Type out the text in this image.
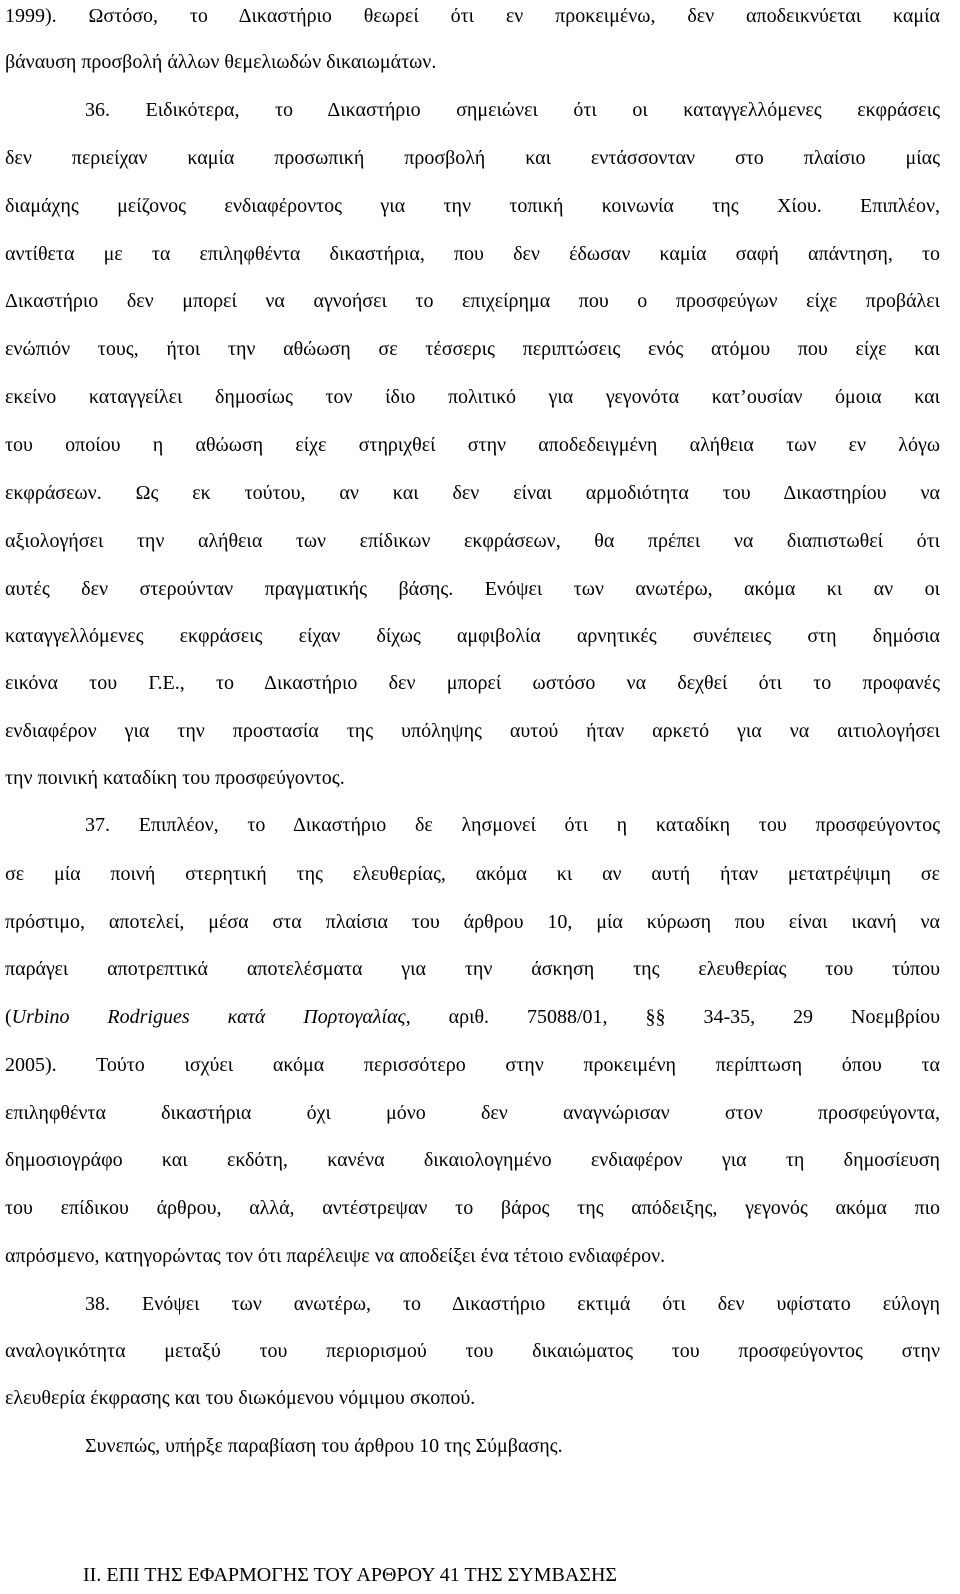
1999). Ωστόσο, το Δικαστήριο θεωρεί ότι εν προκειμένω, δεν αποδεικνύεται καμία
βάναυση προσβολή άλλων θεμελιωδών δικαιωμάτων.
36. Ειδικότερα, το Δικαστήριο σημειώνει ότι οι καταγγελλόμενες εκφράσεις
δεν περιείχαν καμία προσωπική προσβολή και εντάσσονταν στο πλαίσιο μίας
διαμάχης μείζονος ενδιαφέροντος για την τοπική κοινωνία της Χίου. Επιπλέον,
αντίθετα με τα επιληφθέντα δικαστήρια, που δεν έδωσαν καμία σαφή απάντηση, το
Δικαστήριο δεν μπορεί να αγνοήσει το επιχείρημα που ο προσφεύγων είχε προβάλει
ενώπιόν τους, ήτοι την αθώωση σε τέσσερις περιπτώσεις ενός ατόμου που είχε και
εκείνο καταγγείλει δημοσίως τον ίδιο πολιτικό για γεγονότα κατ’ουσίαν όμοια και
του οποίου η αθώωση είχε στηριχθεί στην αποδεδειγμένη αλήθεια των εν λόγω
εκφράσεων. Ως εκ τούτου, αν και δεν είναι αρμοδιότητα του Δικαστηρίου να
αξιολογήσει την αλήθεια των επίδικων εκφράσεων, θα πρέπει να διαπιστωθεί ότι
αυτές δεν στερούνταν πραγματικής βάσης. Ενόψει των ανωτέρω, ακόμα κι αν οι
καταγγελλόμενες εκφράσεις είχαν δίχως αμφιβολία αρνητικές συνέπειες στη δημόσια
εικόνα του Γ.Ε., το Δικαστήριο δεν μπορεί ωστόσο να δεχθεί ότι το προφανές
ενδιαφέρον για την προστασία της υπόληψης αυτού ήταν αρκετό για να αιτιολογήσει
την ποινική καταδίκη του προσφεύγοντος.
37. Επιπλέον, το Δικαστήριο δε λησμονεί ότι η καταδίκη του προσφεύγοντος
σε μία ποινή στερητική της ελευθερίας, ακόμα κι αν αυτή ήταν μετατρέψιμη σε
πρόστιμο, αποτελεί, μέσα στα πλαίσια του άρθρου 10, μία κύρωση που είναι ικανή να
παράγει αποτρεπτικά αποτελέσματα για την άσκηση της ελευθερίας του τύπου
(Urbino Rodrigues κατά Πορτογαλίας, αριθ. 75088/01, §§ 34-35, 29 Νοεμβρίου
2005). Τούτο ισχύει ακόμα περισσότερο στην προκειμένη περίπτωση όπου τα
επιληφθέντα δικαστήρια όχι μόνο δεν αναγνώρισαν στον προσφεύγοντα,
δημοσιογράφο και εκδότη, κανένα δικαιολογημένο ενδιαφέρον για τη δημοσίευση
του επίδικου άρθρου, αλλά, αντέστρεψαν το βάρος της απόδειξης, γεγονός ακόμα πιο
απρόσμενο, κατηγορώντας τον ότι παρέλειψε να αποδείξει ένα τέτοιο ενδιαφέρον.
38. Ενόψει των ανωτέρω, το Δικαστήριο εκτιμά ότι δεν υφίστατο εύλογη
αναλογικότητα μεταξύ του περιορισμού του δικαιώματος του προσφεύγοντος στην
ελευθερία έκφρασης και του διωκόμενου νόμιμου σκοπού.
Συνεπώς, υπήρξε παραβίαση του άρθρου 10 της Σύμβασης.
ΙΙ. ΕΠΙ ΤΗΣ ΕΦΑΡΜΟΓΗΣ ΤΟΥ ΑΡΘΡΟΥ 41 ΤΗΣ ΣΥΜΒΑΣΗΣ
